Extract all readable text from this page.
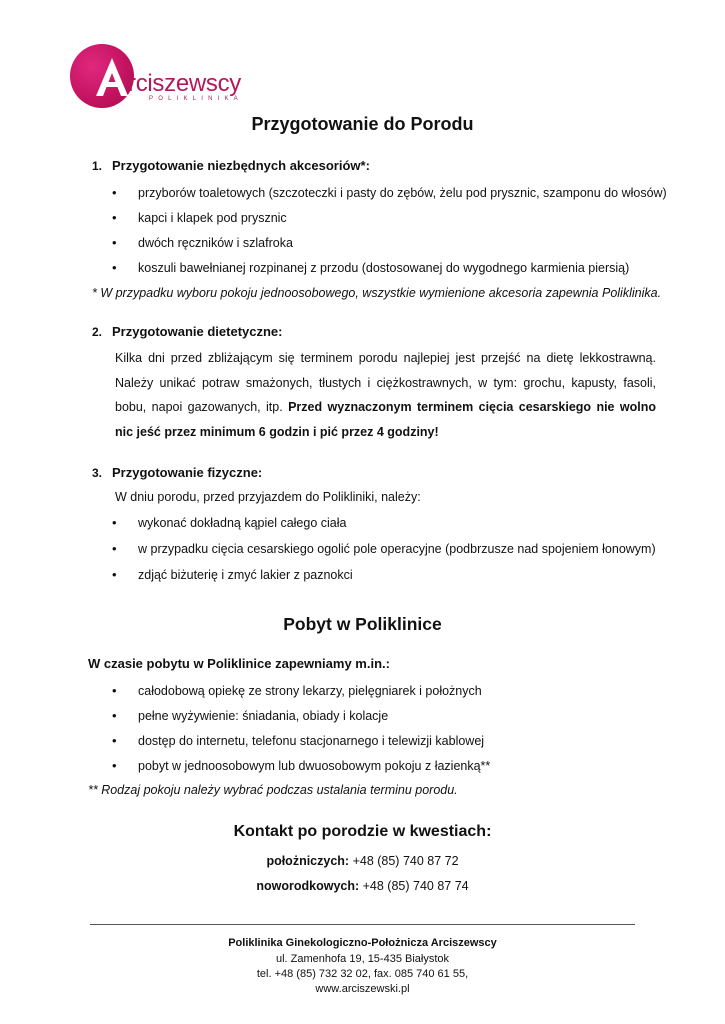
rciszewscy
POLIKLINIKA
Przygotowanie do Porodu
1. Przygotowanie niezbędnych akcesoriów*:
• przyborów toaletowych (szczoteczki i pasty do zębów, żelu pod prysznic, szamponu do włosów)
• kapci i klapek pod prysznic
• dwóch ręczników i szlafroka
• koszuli bawełnianej rozpinanej z przodu (dostosowanej do wygodnego karmienia piersią)
* W przypadku wyboru pokoju jednoosobowego, wszystkie wymienione akcesoria zapewnia Poliklinika.
2. Przygotowanie dietetyczne:
Kilka dni przed zbliżającym się terminem porodu najlepiej jest przejść na dietę lekkostrawną. Należy unikać potraw smażonych, tłustych i ciężkostrawnych, w tym: grochu, kapusty, fasoli, bobu, napoi gazowanych, itp. Przed wyznaczonym terminem cięcia cesarskiego nie wolno nic jeść przez minimum 6 godzin i pić przez 4 godziny!
3. Przygotowanie fizyczne:
W dniu porodu, przed przyjazdem do Polikliniki, należy:
• wykonać dokładną kąpiel całego ciała
• w przypadku cięcia cesarskiego ogolić pole operacyjne (podbrzusze nad spojeniem łonowym)
• zdjąć biżuterię i zmyć lakier z paznokci
Pobyt w Poliklinice
W czasie pobytu w Poliklinice zapewniamy m.in.:
• całodobową opiekę ze strony lekarzy, pielęgniarek i położnych
• pełne wyżywienie: śniadania, obiady i kolacje
• dostęp do internetu, telefonu stacjonarnego i telewizji kablowej
• pobyt w jednoosobowym lub dwuosobowym pokoju z łazienką**
** Rodzaj pokoju należy wybrać podczas ustalania terminu porodu.
Kontakt po porodzie w kwestiach:
położniczych: +48 (85) 740 87 72
noworodkowych: +48 (85) 740 87 74
Poliklinika Ginekologiczno-Położnicza Arciszewscy
ul. Zamenhofa 19, 15-435 Białystok
tel. +48 (85) 732 32 02, fax. 085 740 61 55,
www.arciszewski.pl
